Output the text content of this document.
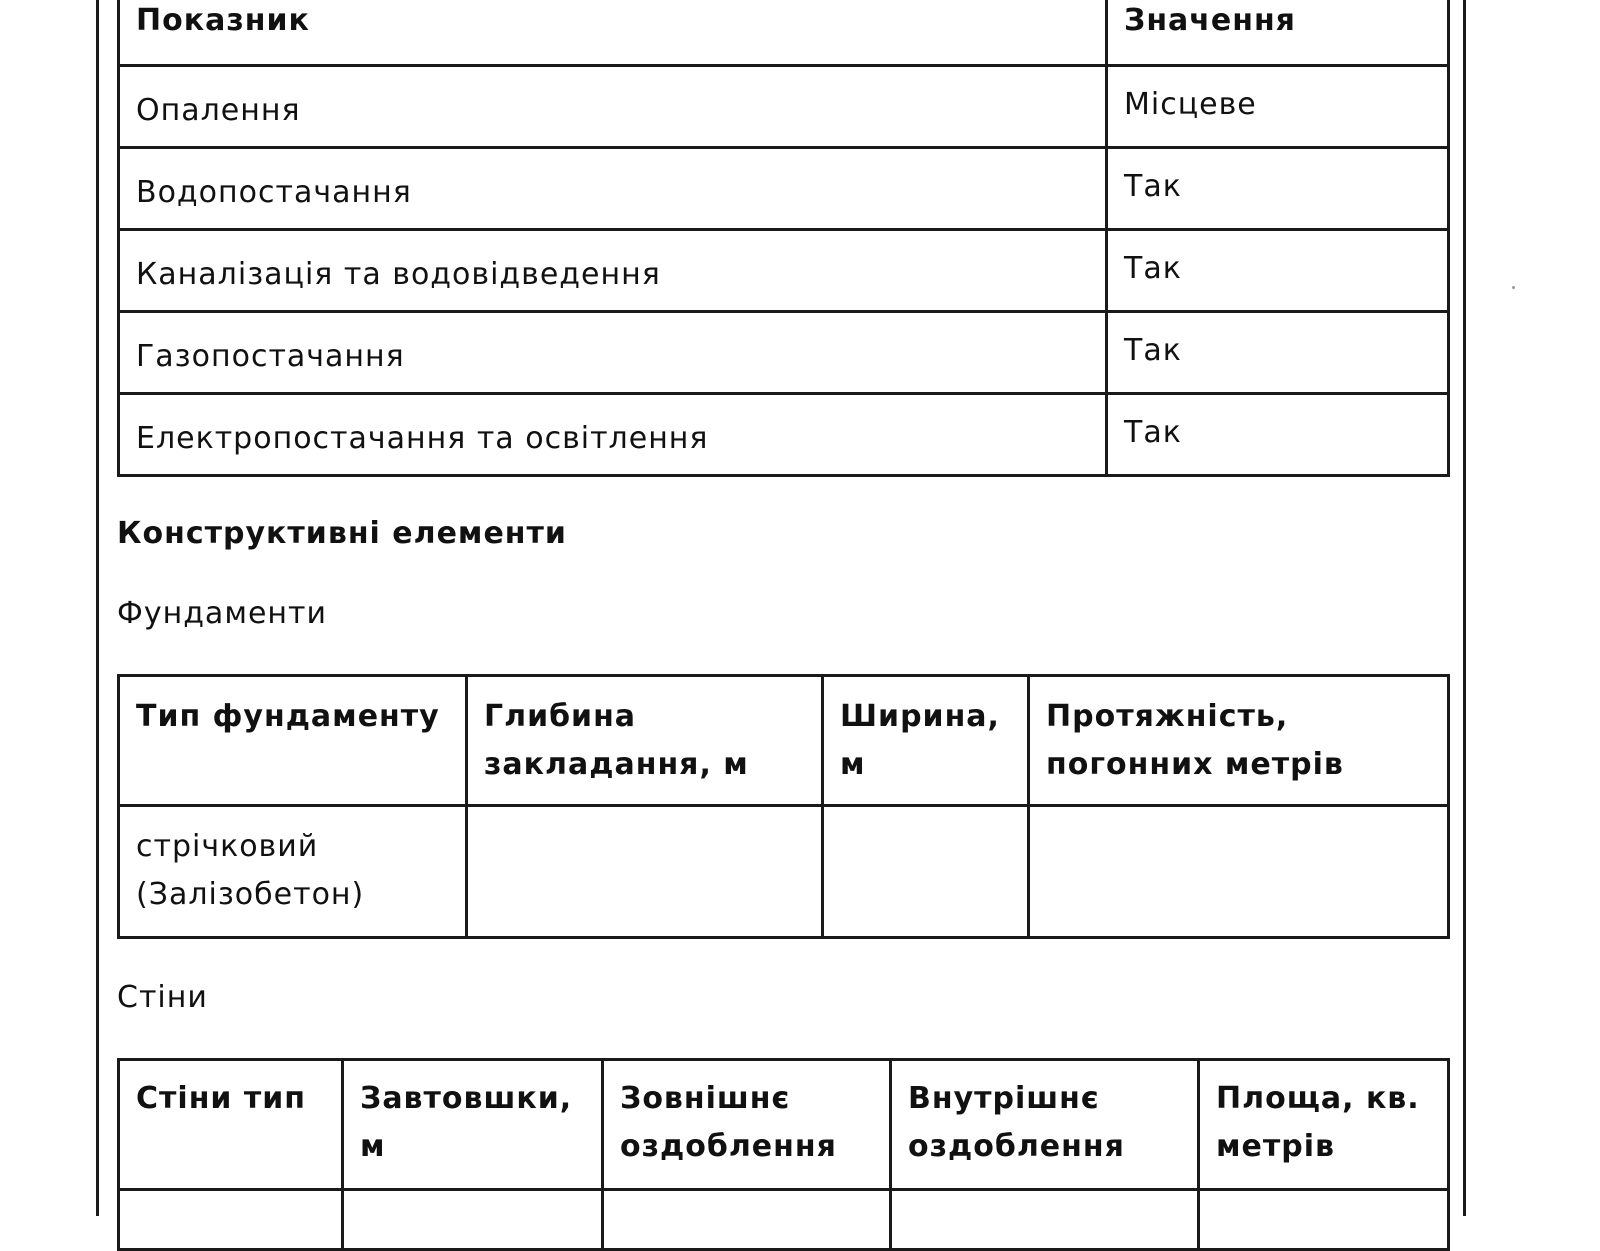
Показник	Значення
Опалення	Місцеве
Водопостачання	Так
Каналізація та водовідведення	Так
Газопостачання	Так
Електропостачання та освітлення	Так
Конструктивні елементи

Фундаменти

Тип фундаменту	Глибина закладання, м	Ширина, м	Протяжність, погонних метрів
стрічковий (Залізобетон)			

Стіни

Стіни тип	Завтовшки, м	Зовнішнє оздоблення	Внутрішнє оздоблення	Площа, кв. метрів
